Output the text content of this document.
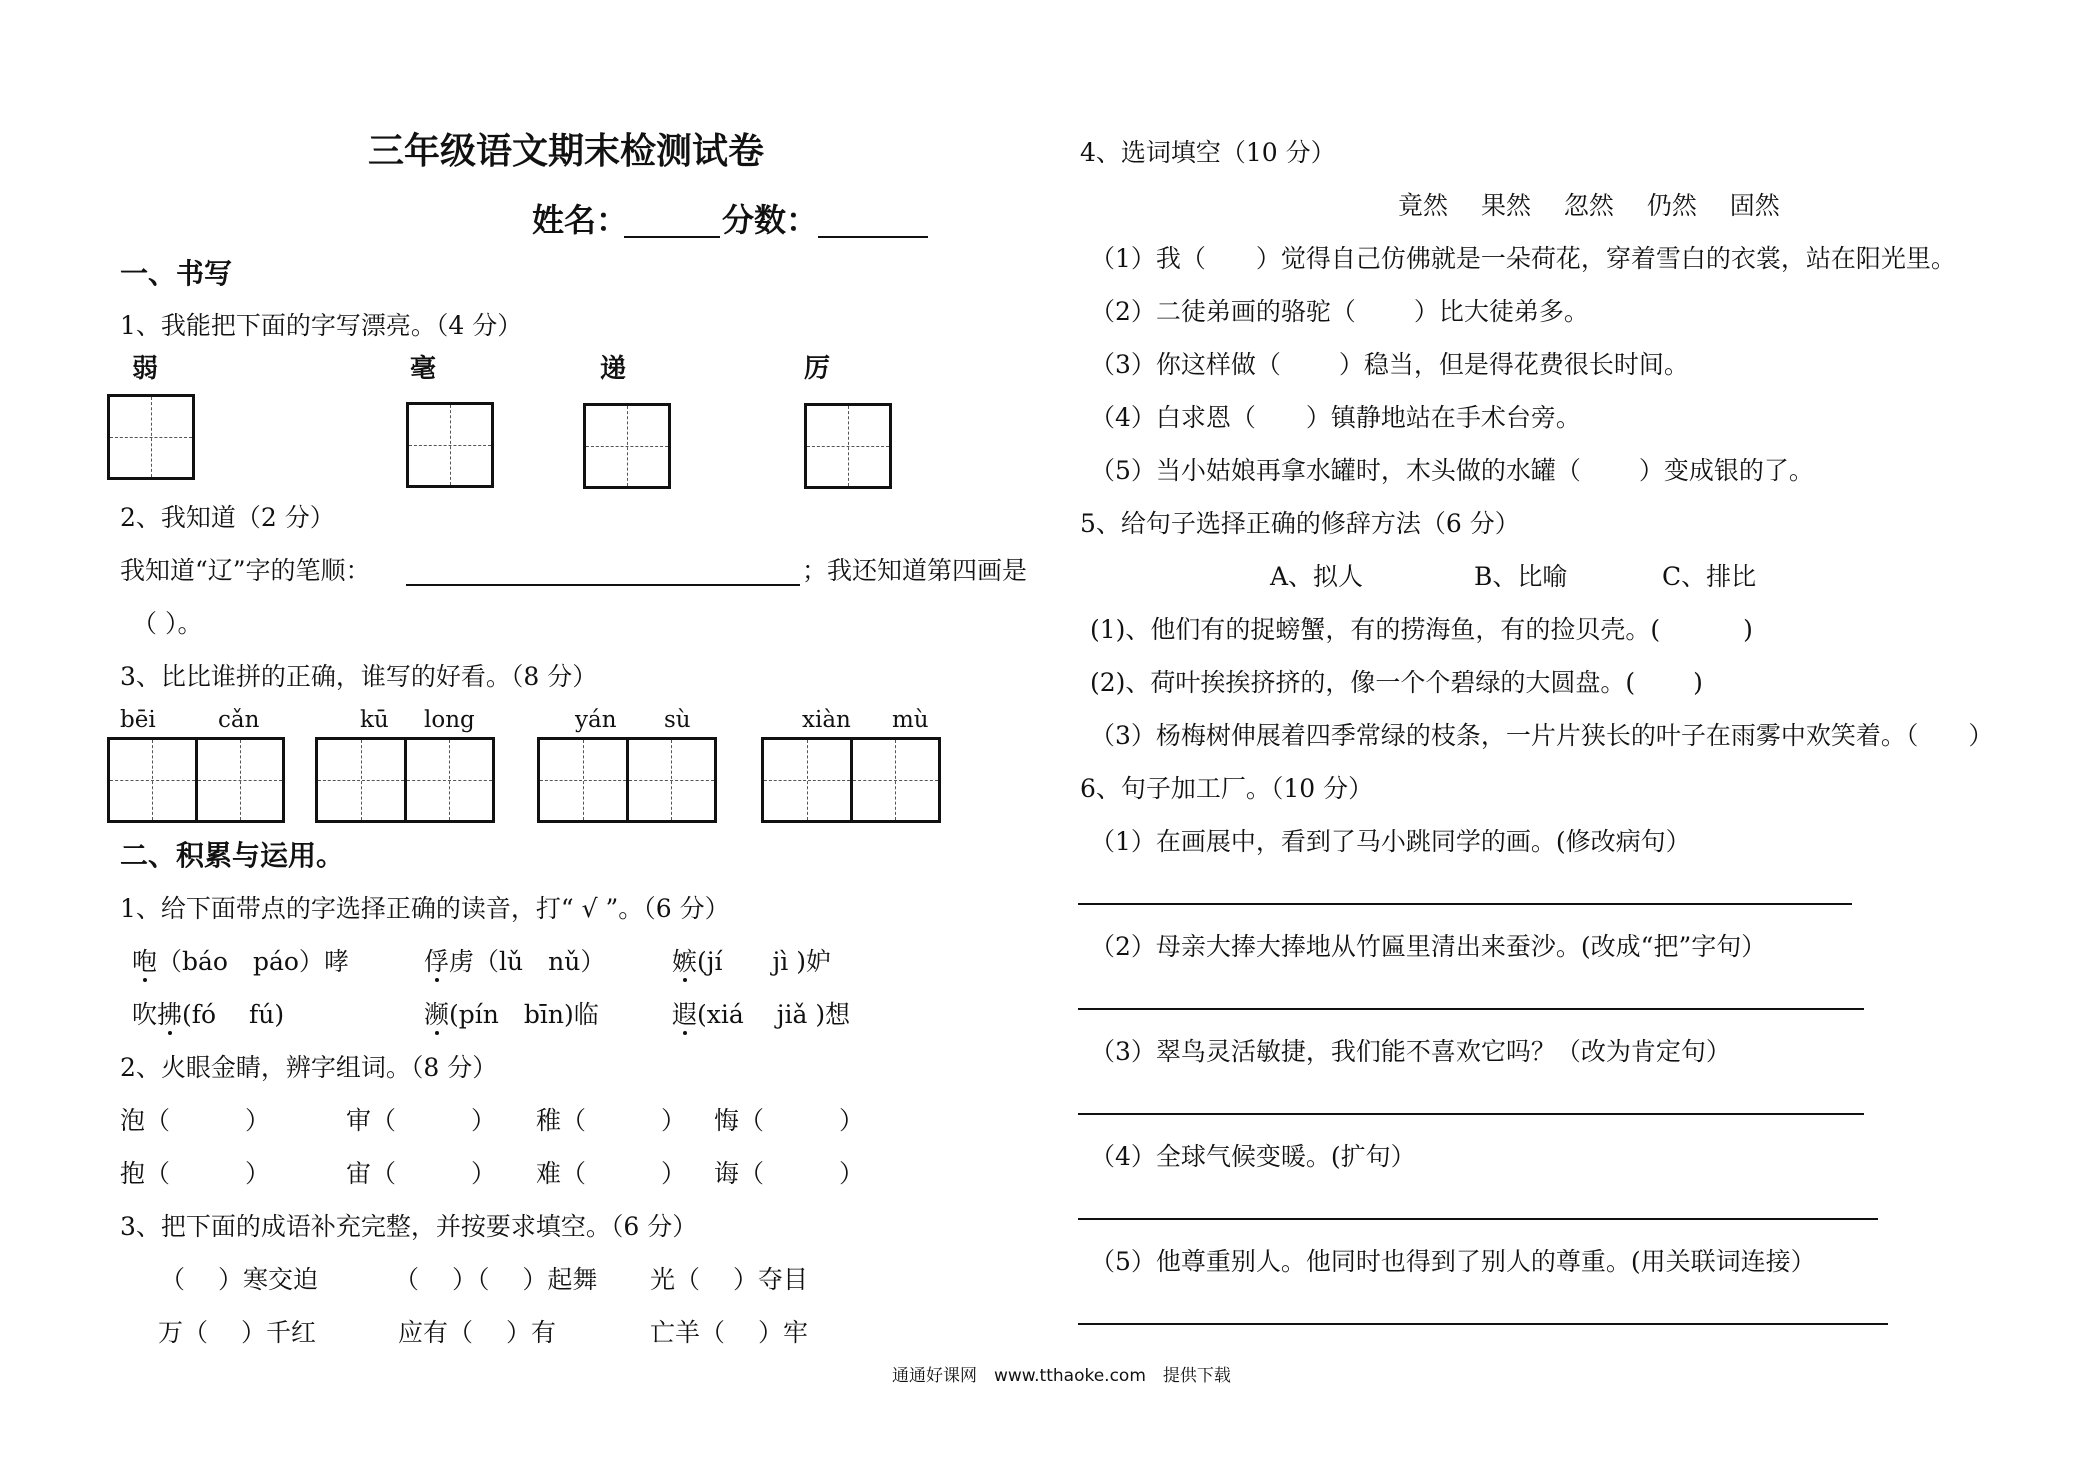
三年级语文期末检测试卷
姓名：	分数：
一、书写
1、我能把下面的字写漂亮。（4 分）
弱	毫	递	厉
2、我知道（2 分）
我知道“辽”字的笔顺：	；我还知道第四画是
（ ）。
3、比比谁拼的正确，谁写的好看。（8 分）
bēi	cǎn	kū long	yán sù	xiàn mù
二、积累与运用。
1、给下面带点的字选择正确的读音，打“ √ ”。（6 分）
咆（báo　páo）哮	俘虏（lǔ　nǔ）	嫉(jí　　jì )妒
吹拂(fó　 fú)	濒(pín　bīn)临	遐(xiá　 jiǎ )想
2、火眼金睛，辨字组词。（8 分）
泡（　　　）	审（　　　） 稚（　　　） 悔（　　　）
抱（　　　）	宙（　　　） 难（　　　） 诲（　　　）
3、把下面的成语补充完整，并按要求填空。（6 分）
（　 ）寒交迫	（　 ）（　 ）起舞 光（　 ）夺目
万（　 ）千红	应有（　 ）有	亡羊（　 ）牢
4、选词填空（10 分）
竟然　 果然　 忽然　 仍然　 固然
（1）我（　　）觉得自己仿佛就是一朵荷花，穿着雪白的衣裳，站在阳光里。
（2）二徒弟画的骆驼（　　 ）比大徒弟多。
（3）你这样做（　　 ）稳当，但是得花费很长时间。
（4）白求恩（　　）镇静地站在手术台旁。
（5）当小姑娘再拿水罐时，木头做的水罐（　　 ）变成银的了。
5、给句子选择正确的修辞方法（6 分）
A、拟人	B、比喻	C、排比
(1)、他们有的捉螃蟹，有的捞海鱼，有的捡贝壳。(　　　 )
(2)、荷叶挨挨挤挤的，像一个个碧绿的大圆盘。(　　 )
（3）杨梅树伸展着四季常绿的枝条，一片片狭长的叶子在雨雾中欢笑着。（　　）
6、句子加工厂。（10 分）
（1）在画展中，看到了马小跳同学的画。(修改病句）
（2）母亲大捧大捧地从竹匾里清出来蚕沙。(改成“把”字句）
（3）翠鸟灵活敏捷，我们能不喜欢它吗？（改为肯定句）
（4）全球气候变暖。(扩句）
（5）他尊重别人。他同时也得到了别人的尊重。(用关联词连接）
通通好课网　www.tthaoke.com　提供下载
